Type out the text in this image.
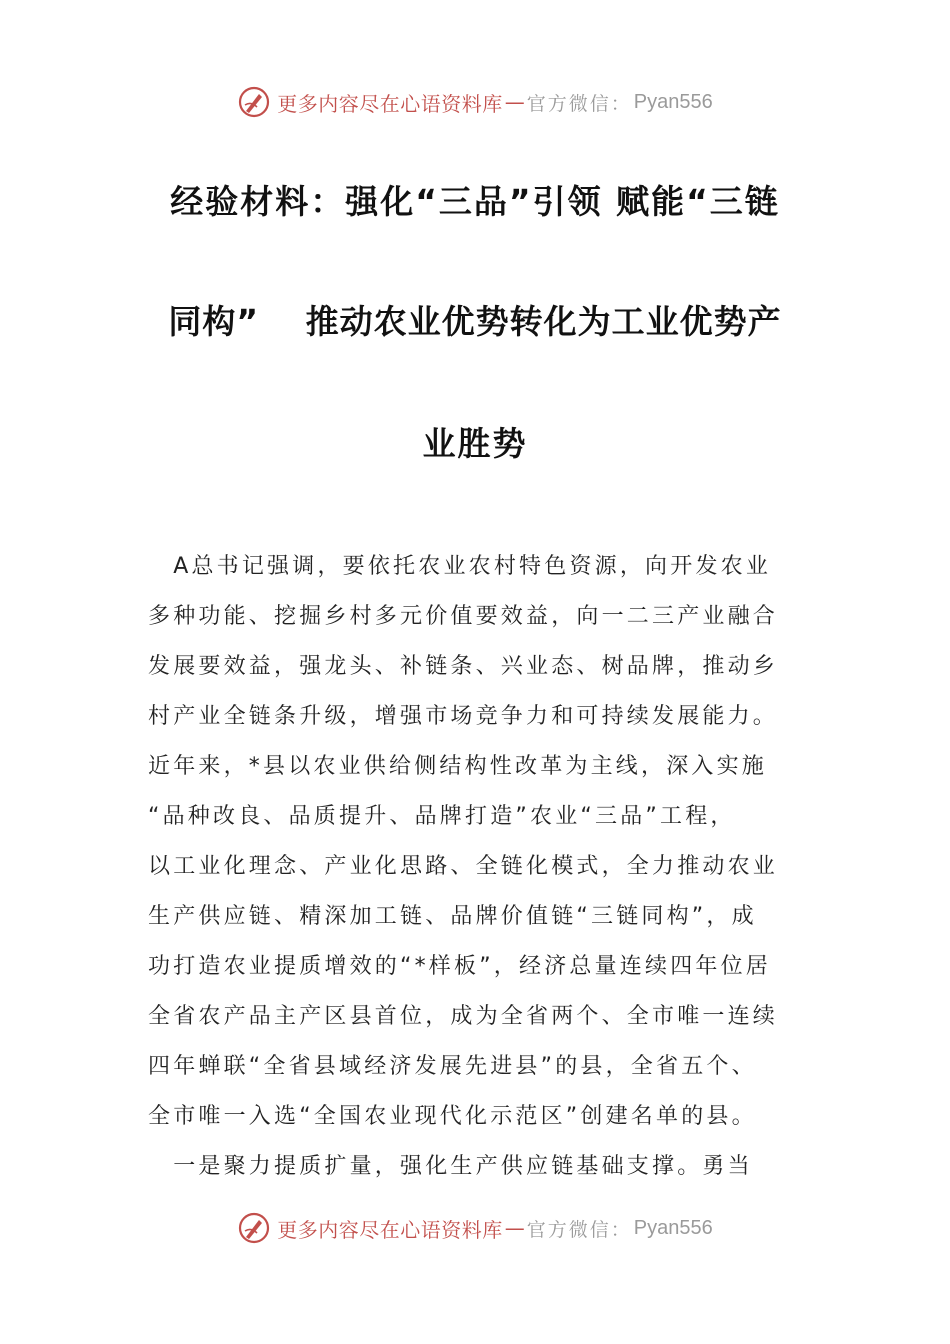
更多内容尽在心语资料库 — 官方微信： Pyan556
经验材料：强化“三品”引领 赋能“三链
同构”　 推动农业优势转化为工业优势产
业胜势
　A总书记强调，要依托农业农村特色资源，向开发农业
多种功能、挖掘乡村多元价值要效益，向一二三产业融合
发展要效益，强龙头、补链条、兴业态、树品牌，推动乡
村产业全链条升级，增强市场竞争力和可持续发展能力。
近年来，*县以农业供给侧结构性改革为主线，深入实施
“品种改良、品质提升、品牌打造”农业“三品”工程，
以工业化理念、产业化思路、全链化模式，全力推动农业
生产供应链、精深加工链、品牌价值链“三链同构”，成
功打造农业提质增效的“*样板”，经济总量连续四年位居
全省农产品主产区县首位，成为全省两个、全市唯一连续
四年蝉联“全省县域经济发展先进县”的县，全省五个、
全市唯一入选“全国农业现代化示范区”创建名单的县。
　一是聚力提质扩量，强化生产供应链基础支撑。勇当
更多内容尽在心语资料库 — 官方微信： Pyan556
